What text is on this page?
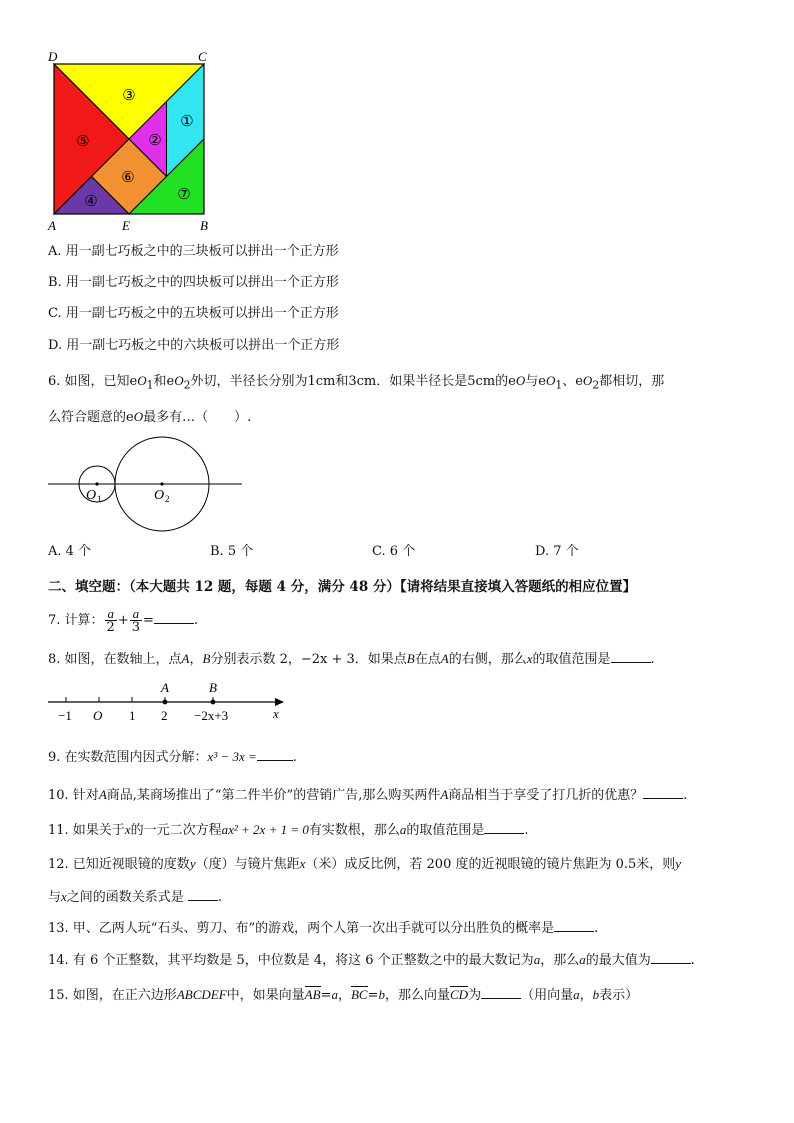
③
⑤
①
②
⑥
④	⑦
D	C
A	E	B
A. 用一副七巧板之中的三块板可以拼出一个正方形
B. 用一副七巧板之中的四块板可以拼出一个正方形
C. 用一副七巧板之中的五块板可以拼出一个正方形
D. 用一副七巧板之中的六块板可以拼出一个正方形
6. 如图，已知$eO_1$和$eO_2$外切，半径长分别为1cm和3cm．如果半径长是5cm的eO与$eO_1$、$eO_2$都相切，那
么符合题意的eO最多有…（　　）.
O 1	O 2
A. 4 个	B. 5 个	C. 6 个	D. 7 个
二、填空题：（本大题共 12 题，每题 4 分，满分 48 分）【请将结果直接填入答题纸的相应位置】
7. 计算： $\frac{a}{2} + \frac{a}{3}$ =	.
8. 如图，在数轴上，点A，B分别表示数 2，−2x + 3．如果点B在点A的右侧，那么x的取值范围是	.
A	B
−1 O 1 2 −2x+3	x
9. 在实数范围内因式分解：x³ − 3x =	.
10. 针对A商品,某商场推出了“第二件半价”的营销广告,那么购买两件A商品相当于享受了打几折的优惠？	.
11. 如果关于x的一元二次方程ax² + 2x + 1 = 0有实数根，那么a的取值范围是	.
12. 已知近视眼镜的度数y（度）与镜片焦距x（米）成反比例，若 200 度的近视眼镜的镜片焦距为 0.5米，则y
与x之间的函数关系式是	.
13. 甲、乙两人玩“石头、剪刀、布”的游戏，两个人第一次出手就可以分出胜负的概率是	.
14. 有 6 个正整数，其平均数是 5，中位数是 4，将这 6 个正整数之中的最大数记为a，那么a的最大值为	.
15. 如图，在正六边形ABCDEF中，如果向量AB=a，BC=b，那么向量CD为	（用向量a，b表示）
